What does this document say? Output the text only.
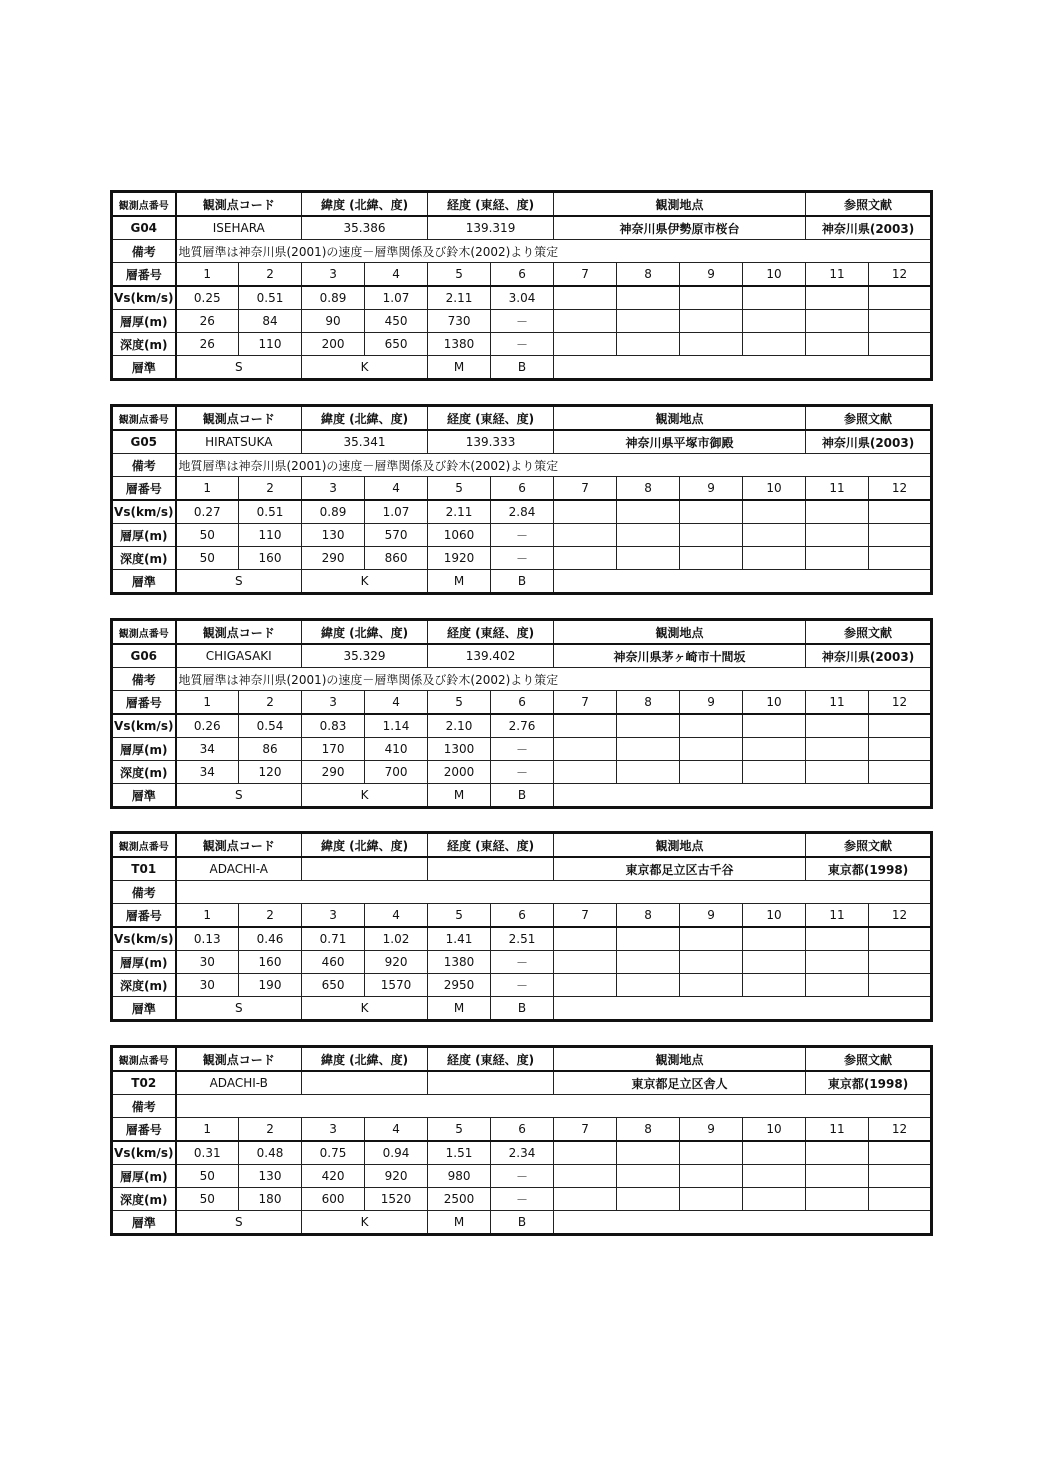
観測点番号	観測点コード		緯度 (北緯、度)		経度 (東経、度)		観測地点				参照文献	
G04	ISEHARA		35.386		139.319		神奈川県伊勢原市桜台				神奈川県(2003)	
備考	地質層準は神奈川県(2001)の速度－層準関係及び鈴木(2002)より策定											
層番号	1	2	3	4	5	6	7	8	9	10	11	12
Vs(km/s)	0.25	0.51	0.89	1.07	2.11	3.04						
層厚(m)	26	84	90	450	730	－						
深度(m)	26	110	200	650	1380	－						
層準	S		K		M	B						
観測点番号	観測点コード		緯度 (北緯、度)		経度 (東経、度)		観測地点				参照文献	
G05	HIRATSUKA		35.341		139.333		神奈川県平塚市御殿				神奈川県(2003)	
備考	地質層準は神奈川県(2001)の速度－層準関係及び鈴木(2002)より策定											
層番号	1	2	3	4	5	6	7	8	9	10	11	12
Vs(km/s)	0.27	0.51	0.89	1.07	2.11	2.84						
層厚(m)	50	110	130	570	1060	－						
深度(m)	50	160	290	860	1920	－						
層準	S		K		M	B						
観測点番号	観測点コード		緯度 (北緯、度)		経度 (東経、度)		観測地点				参照文献	
G06	CHIGASAKI		35.329		139.402		神奈川県茅ヶ崎市十間坂				神奈川県(2003)	
備考	地質層準は神奈川県(2001)の速度－層準関係及び鈴木(2002)より策定											
層番号	1	2	3	4	5	6	7	8	9	10	11	12
Vs(km/s)	0.26	0.54	0.83	1.14	2.10	2.76						
層厚(m)	34	86	170	410	1300	－						
深度(m)	34	120	290	700	2000	－						
層準	S		K		M	B						
観測点番号	観測点コード		緯度 (北緯、度)		経度 (東経、度)		観測地点				参照文献	
T01	ADACHI-A						東京都足立区古千谷				東京都(1998)	
備考												
層番号	1	2	3	4	5	6	7	8	9	10	11	12
Vs(km/s)	0.13	0.46	0.71	1.02	1.41	2.51						
層厚(m)	30	160	460	920	1380	－						
深度(m)	30	190	650	1570	2950	－						
層準	S		K		M	B						
観測点番号	観測点コード		緯度 (北緯、度)		経度 (東経、度)		観測地点				参照文献	
T02	ADACHI-B						東京都足立区舎人				東京都(1998)	
備考												
層番号	1	2	3	4	5	6	7	8	9	10	11	12
Vs(km/s)	0.31	0.48	0.75	0.94	1.51	2.34						
層厚(m)	50	130	420	920	980	－						
深度(m)	50	180	600	1520	2500	－						
層準	S		K		M	B						
